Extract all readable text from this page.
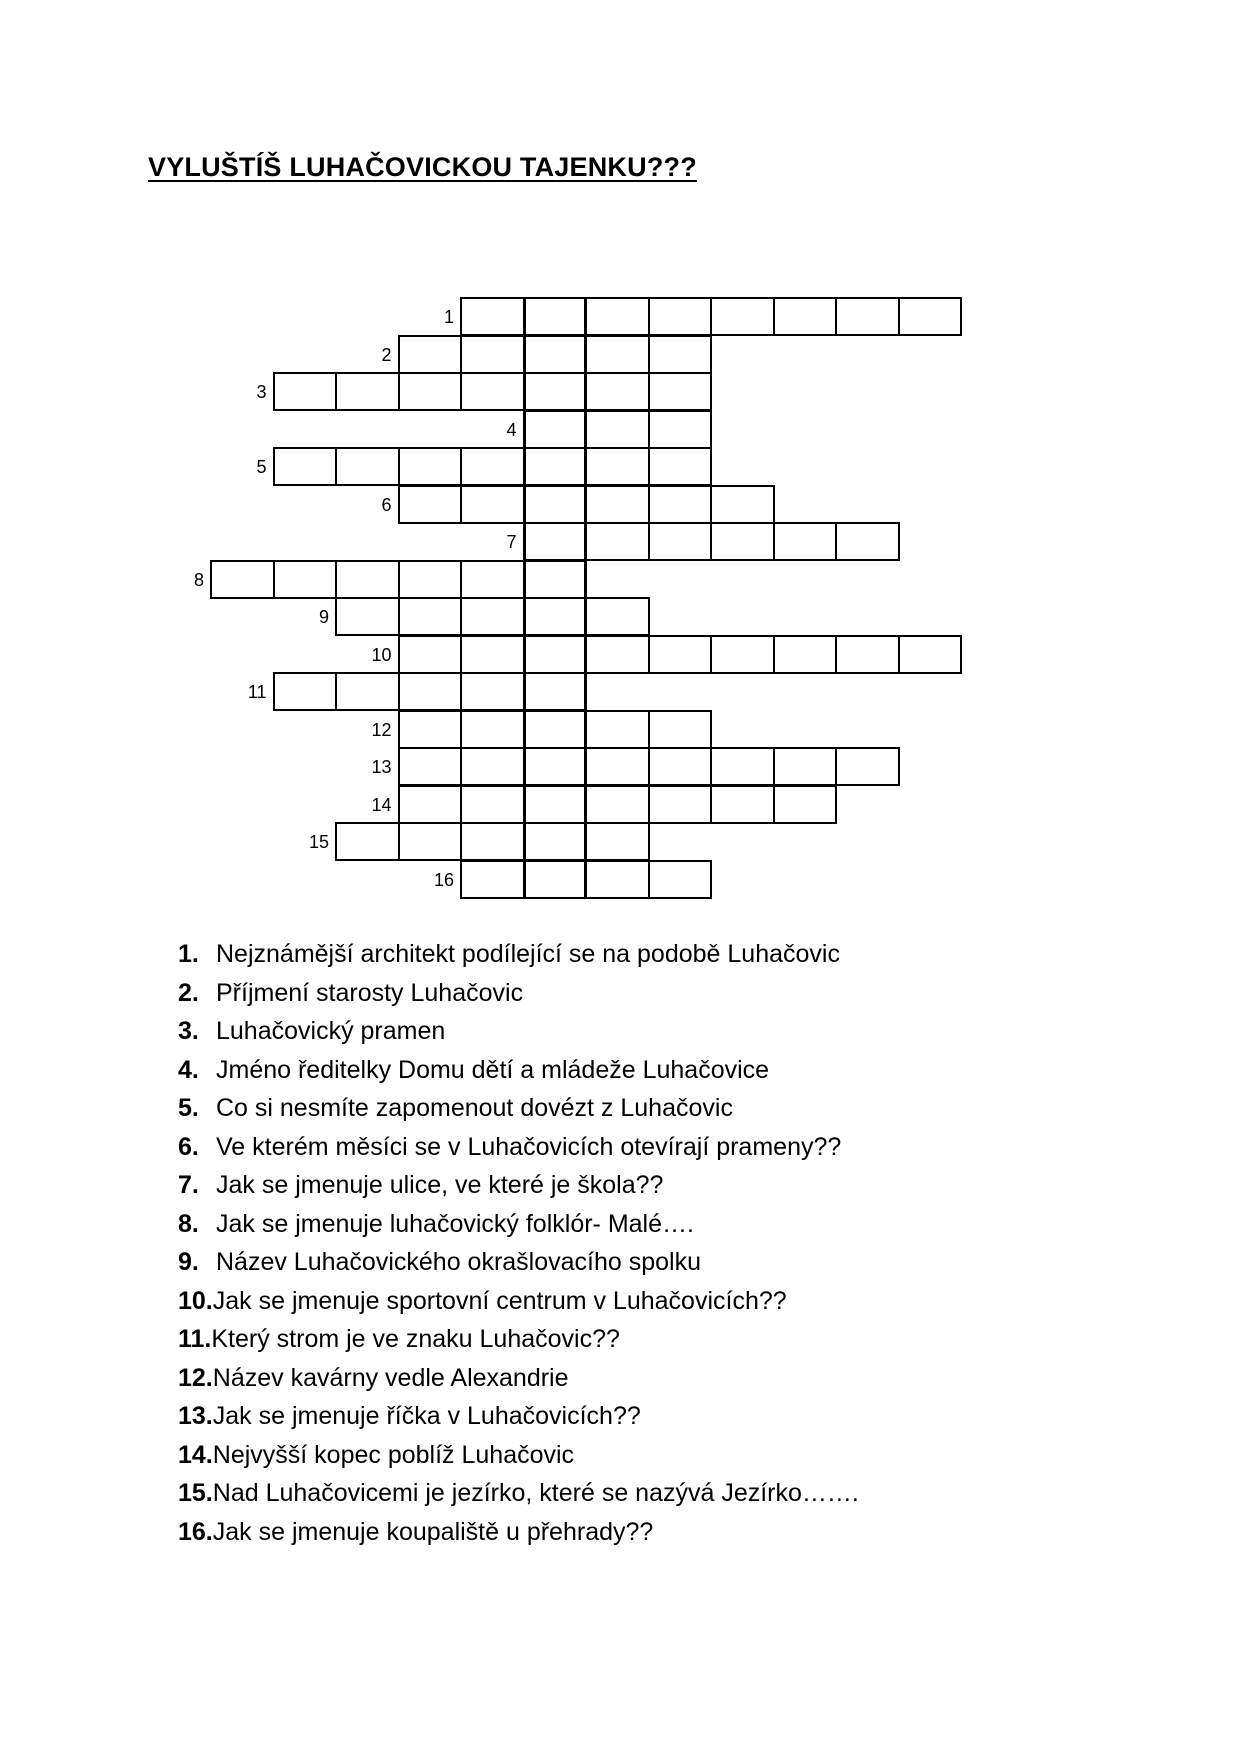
VYLUŠTÍŠ LUHAČOVICKOU TAJENKU???
1
2
3
4
5
6
7
8
9
10
11
12
13
14
15
16
1. Nejznámější architekt podílející se na podobě Luhačovic
2. Příjmení starosty Luhačovic
3. Luhačovický pramen
4. Jméno ředitelky Domu dětí a mládeže Luhačovice
5. Co si nesmíte zapomenout dovézt z Luhačovic
6. Ve kterém měsíci se v Luhačovicích otevírají prameny??
7. Jak se jmenuje ulice, ve které je škola??
8. Jak se jmenuje luhačovický folklór- Malé….
9. Název Luhačovického okrašlovacího spolku
10.Jak se jmenuje sportovní centrum v Luhačovicích??
11.Který strom je ve znaku Luhačovic??
12.Název kavárny vedle Alexandrie
13.Jak se jmenuje říčka v Luhačovicích??
14.Nejvyšší kopec poblíž Luhačovic
15.Nad Luhačovicemi je jezírko, které se nazývá Jezírko…….
16.Jak se jmenuje koupaliště u přehrady??
